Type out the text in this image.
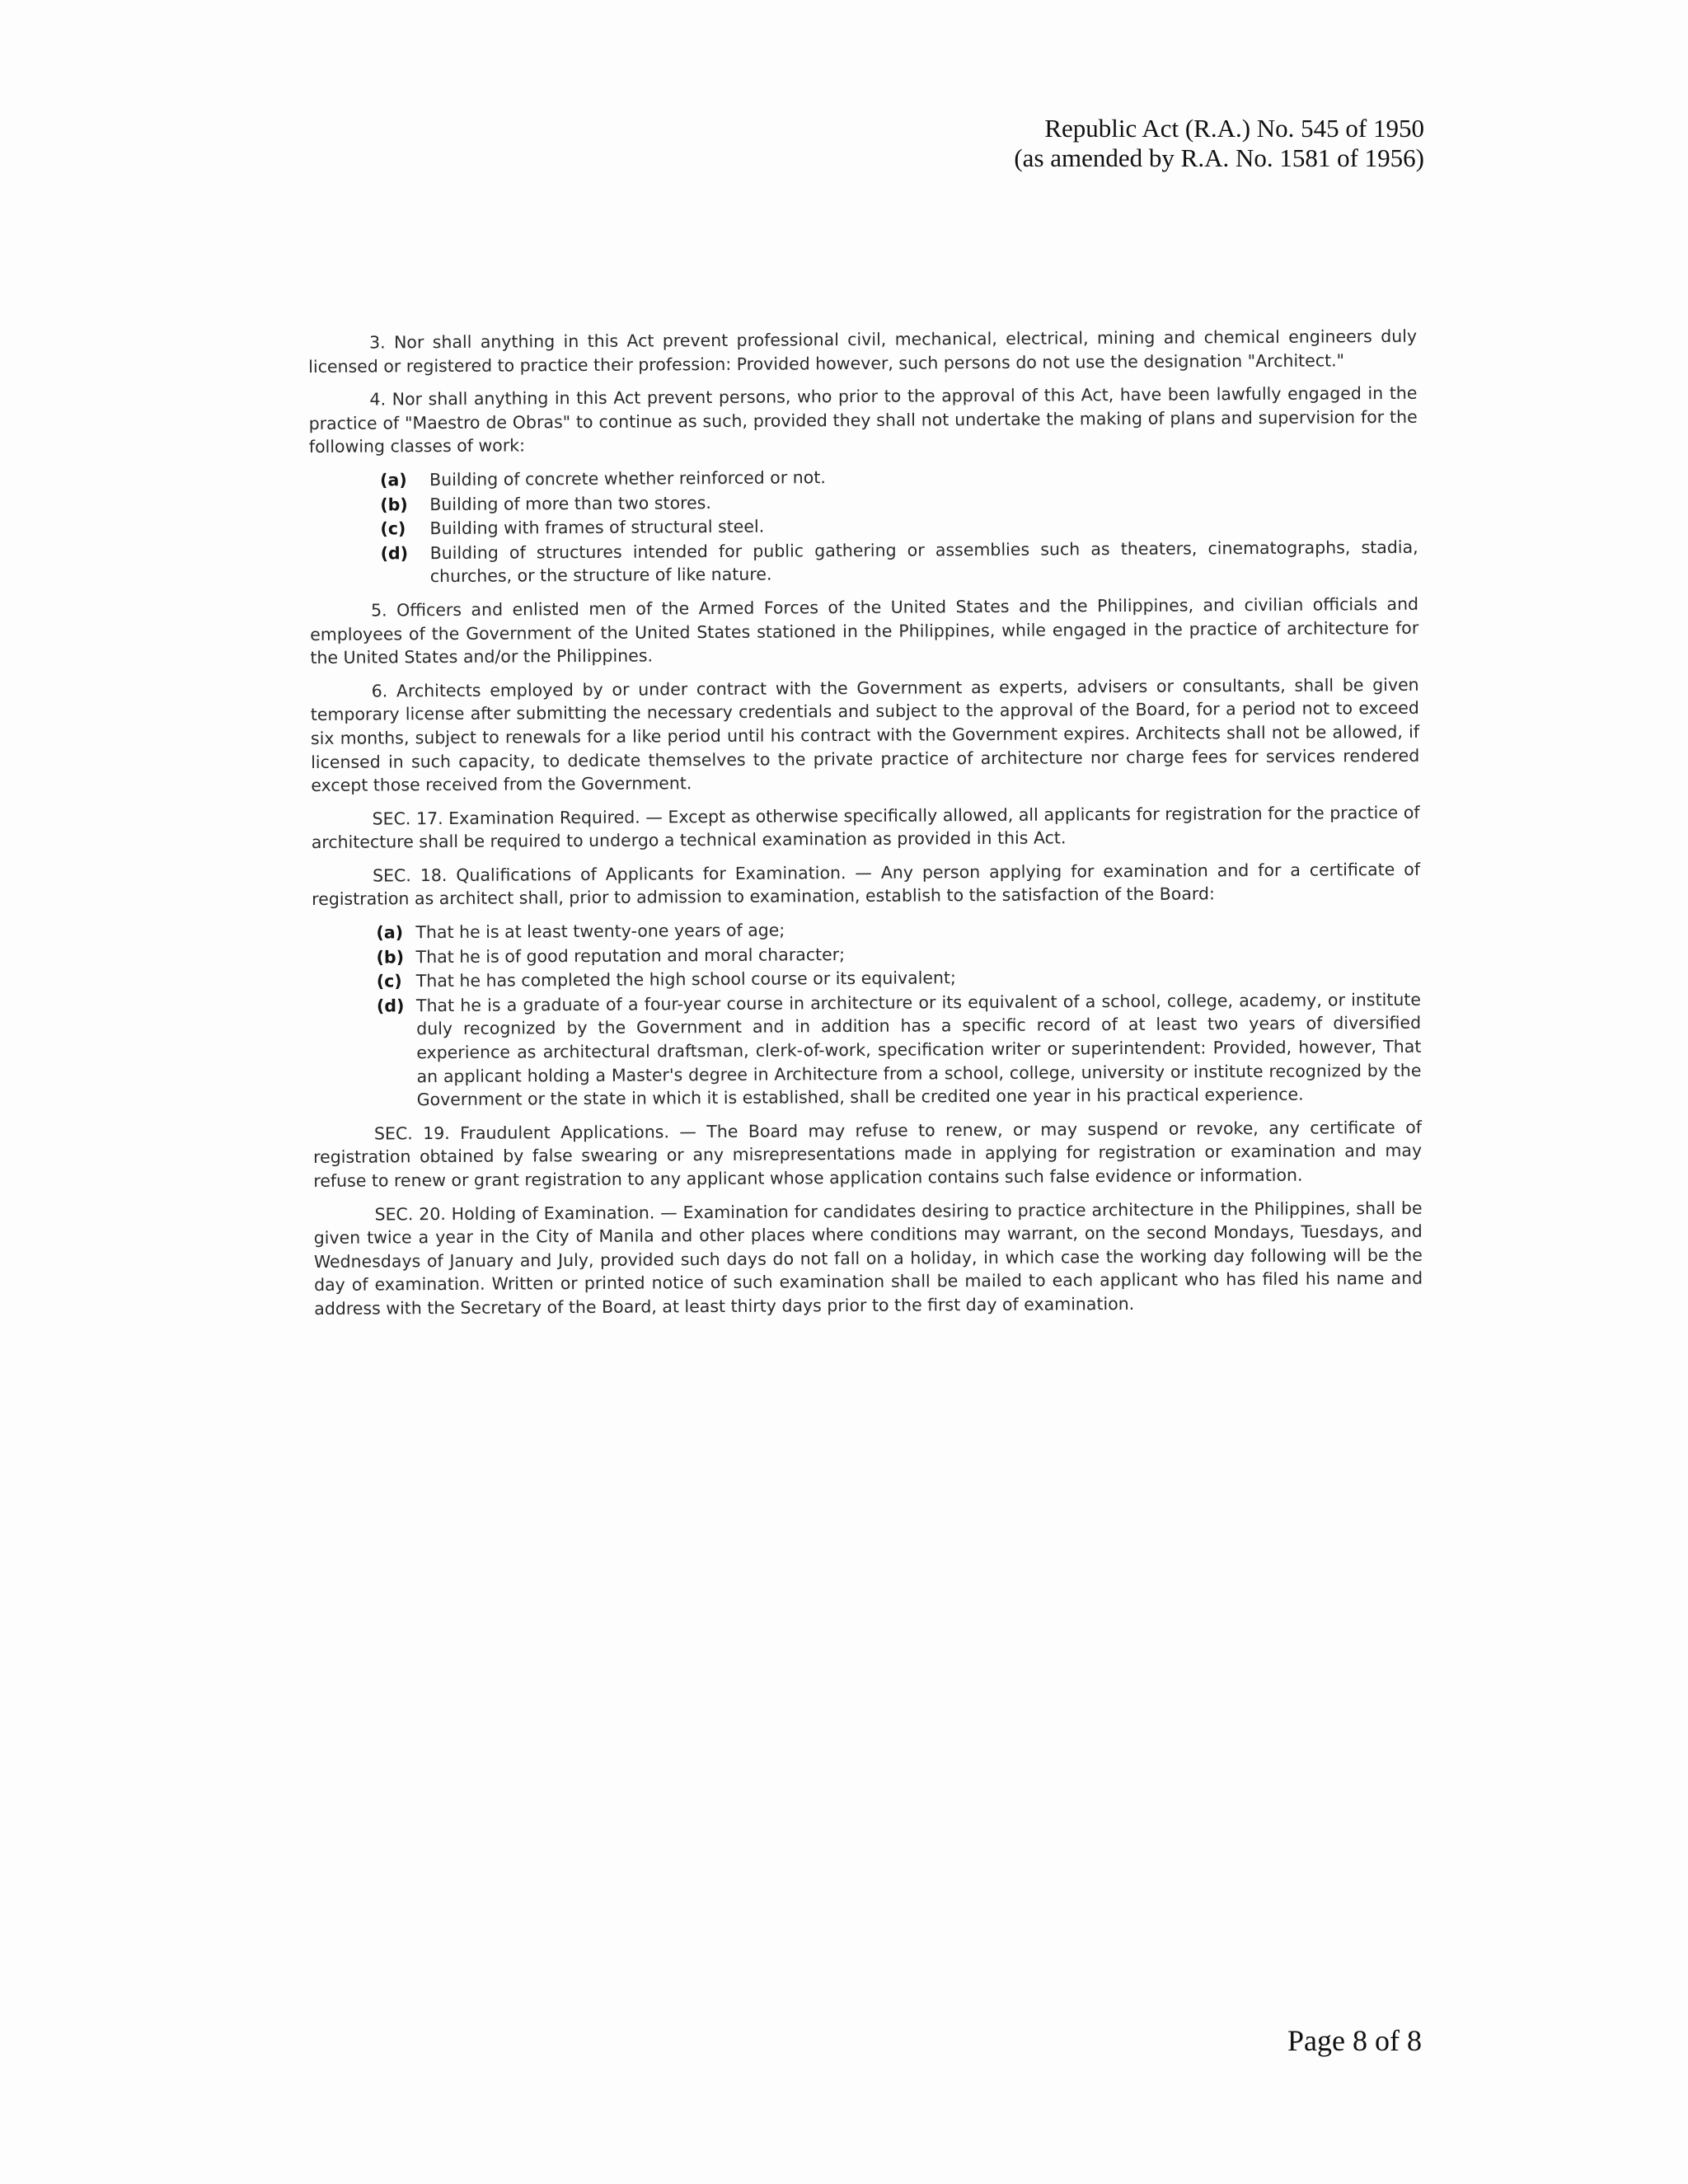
Republic Act (R.A.) No. 545 of 1950
(as amended by R.A. No. 1581 of 1956)

3. Nor shall anything in this Act prevent professional civil, mechanical, electrical, mining and chemical engineers duly licensed or registered to practice their profession: Provided however, such persons do not use the designation "Architect."

4. Nor shall anything in this Act prevent persons, who prior to the approval of this Act, have been lawfully engaged in the practice of "Maestro de Obras" to continue as such, provided they shall not undertake the making of plans and supervision for the following classes of work:

(a) Building of concrete whether reinforced or not.
(b) Building of more than two stores.
(c) Building with frames of structural steel.
(d) Building of structures intended for public gathering or assemblies such as theaters, cinematographs, stadia, churches, or the structure of like nature.

5. Officers and enlisted men of the Armed Forces of the United States and the Philippines, and civilian officials and employees of the Government of the United States stationed in the Philippines, while engaged in the practice of architecture for the United States and/or the Philippines.

6. Architects employed by or under contract with the Government as experts, advisers or consultants, shall be given temporary license after submitting the necessary credentials and subject to the approval of the Board, for a period not to exceed six months, subject to renewals for a like period until his contract with the Government expires. Architects shall not be allowed, if licensed in such capacity, to dedicate themselves to the private practice of architecture nor charge fees for services rendered except those received from the Government.

SEC. 17. Examination Required. — Except as otherwise specifically allowed, all applicants for registration for the practice of architecture shall be required to undergo a technical examination as provided in this Act.

SEC. 18. Qualifications of Applicants for Examination. — Any person applying for examination and for a certificate of registration as architect shall, prior to admission to examination, establish to the satisfaction of the Board:

(a) That he is at least twenty-one years of age;
(b) That he is of good reputation and moral character;
(c) That he has completed the high school course or its equivalent;
(d) That he is a graduate of a four-year course in architecture or its equivalent of a school, college, academy, or institute duly recognized by the Government and in addition has a specific record of at least two years of diversified experience as architectural draftsman, clerk-of-work, specification writer or superintendent: Provided, however, That an applicant holding a Master's degree in Architecture from a school, college, university or institute recognized by the Government or the state in which it is established, shall be credited one year in his practical experience.

SEC. 19. Fraudulent Applications. — The Board may refuse to renew, or may suspend or revoke, any certificate of registration obtained by false swearing or any misrepresentations made in applying for registration or examination and may refuse to renew or grant registration to any applicant whose application contains such false evidence or information.

SEC. 20. Holding of Examination. — Examination for candidates desiring to practice architecture in the Philippines, shall be given twice a year in the City of Manila and other places where conditions may warrant, on the second Mondays, Tuesdays, and Wednesdays of January and July, provided such days do not fall on a holiday, in which case the working day following will be the day of examination. Written or printed notice of such examination shall be mailed to each applicant who has filed his name and address with the Secretary of the Board, at least thirty days prior to the first day of examination.

Page 8 of 8
